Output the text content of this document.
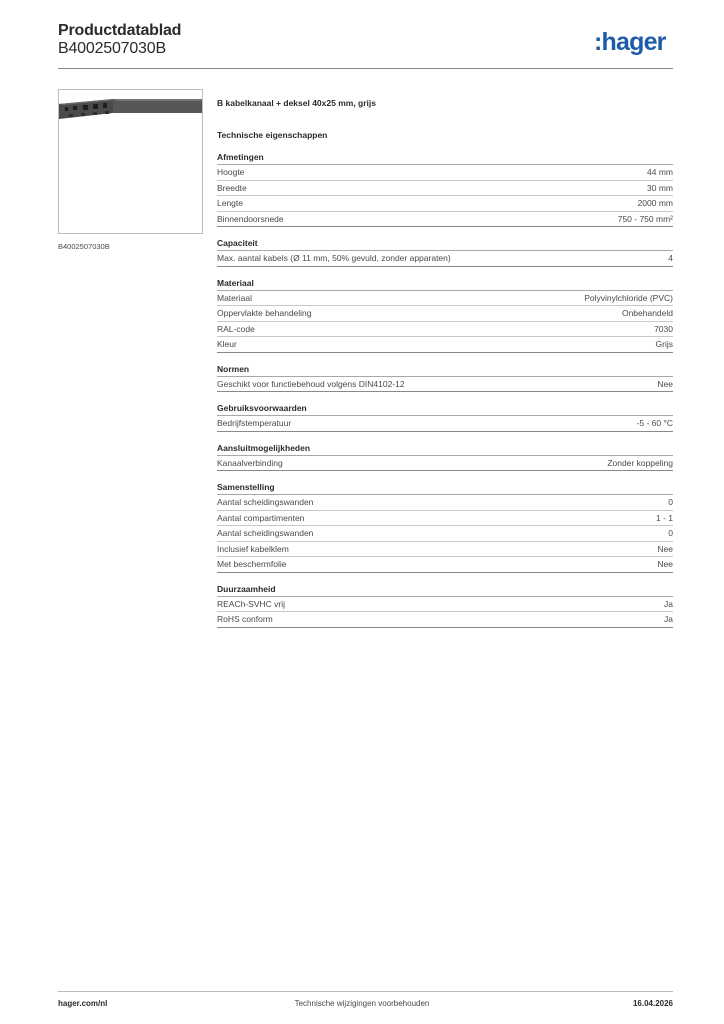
Productdatablad
B4002507030B	:hager
B4002507030B
B kabelkanaal + deksel 40x25 mm, grijs
Technische eigenschappen
Afmetingen
Hoogte	44 mm
Breedte	30 mm
Lengte	2000 mm
Binnendoorsnede	750 - 750 mm²
Capaciteit
Max. aantal kabels (Ø 11 mm, 50% gevuld, zonder apparaten)	4
Materiaal
Materiaal	Polyvinylchloride (PVC)
Oppervlakte behandeling	Onbehandeld
RAL-code	7030
Kleur	Grijs
Normen
Geschikt voor functiebehoud volgens DIN4102-12	Nee
Gebruiksvoorwaarden
Bedrijfstemperatuur	-5 - 60 °C
Aansluitmogelijkheden
Kanaalverbinding	Zonder koppeling
Samenstelling
Aantal scheidingswanden	0
Aantal compartimenten	1 - 1
Aantal scheidingswanden	0
Inclusief kabelklem	Nee
Met beschermfolie	Nee
Duurzaamheid
REACh-SVHC vrij	Ja
RoHS conform	Ja
hager.com/nl	Technische wijzigingen voorbehouden	16.04.2026
